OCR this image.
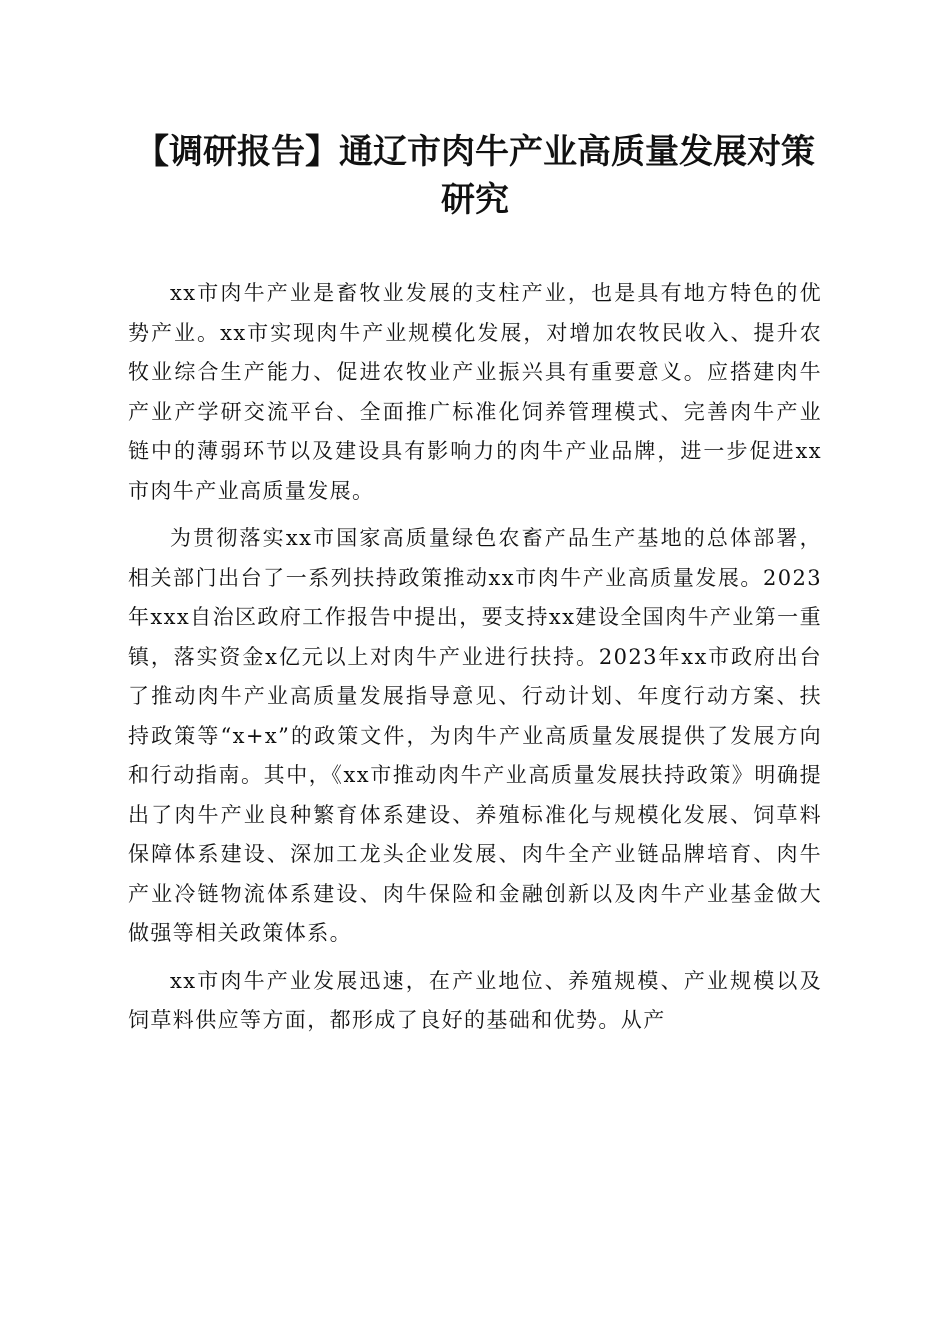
【调研报告】通辽市肉牛产业高质量发展对策
研究

xx市肉牛产业是畜牧业发展的支柱产业，也是具有地方特色的优势产业。xx市实现肉牛产业规模化发展，对增加农牧民收入、提升农牧业综合生产能力、促进农牧业产业振兴具有重要意义。应搭建肉牛产业产学研交流平台、全面推广标准化饲养管理模式、完善肉牛产业链中的薄弱环节以及建设具有影响力的肉牛产业品牌，进一步促进xx市肉牛产业高质量发展。

为贯彻落实xx市国家高质量绿色农畜产品生产基地的总体部署，相关部门出台了一系列扶持政策推动xx市肉牛产业高质量发展。2023年xxx自治区政府工作报告中提出，要支持xx建设全国肉牛产业第一重镇，落实资金x亿元以上对肉牛产业进行扶持。2023年xx市政府出台了推动肉牛产业高质量发展指导意见、行动计划、年度行动方案、扶持政策等“x+x”的政策文件，为肉牛产业高质量发展提供了发展方向和行动指南。其中，《xx市推动肉牛产业高质量发展扶持政策》明确提出了肉牛产业良种繁育体系建设、养殖标准化与规模化发展、饲草料保障体系建设、深加工龙头企业发展、肉牛全产业链品牌培育、肉牛产业冷链物流体系建设、肉牛保险和金融创新以及肉牛产业基金做大做强等相关政策体系。

xx市肉牛产业发展迅速，在产业地位、养殖规模、产业规模以及饲草料供应等方面，都形成了良好的基础和优势。从产
